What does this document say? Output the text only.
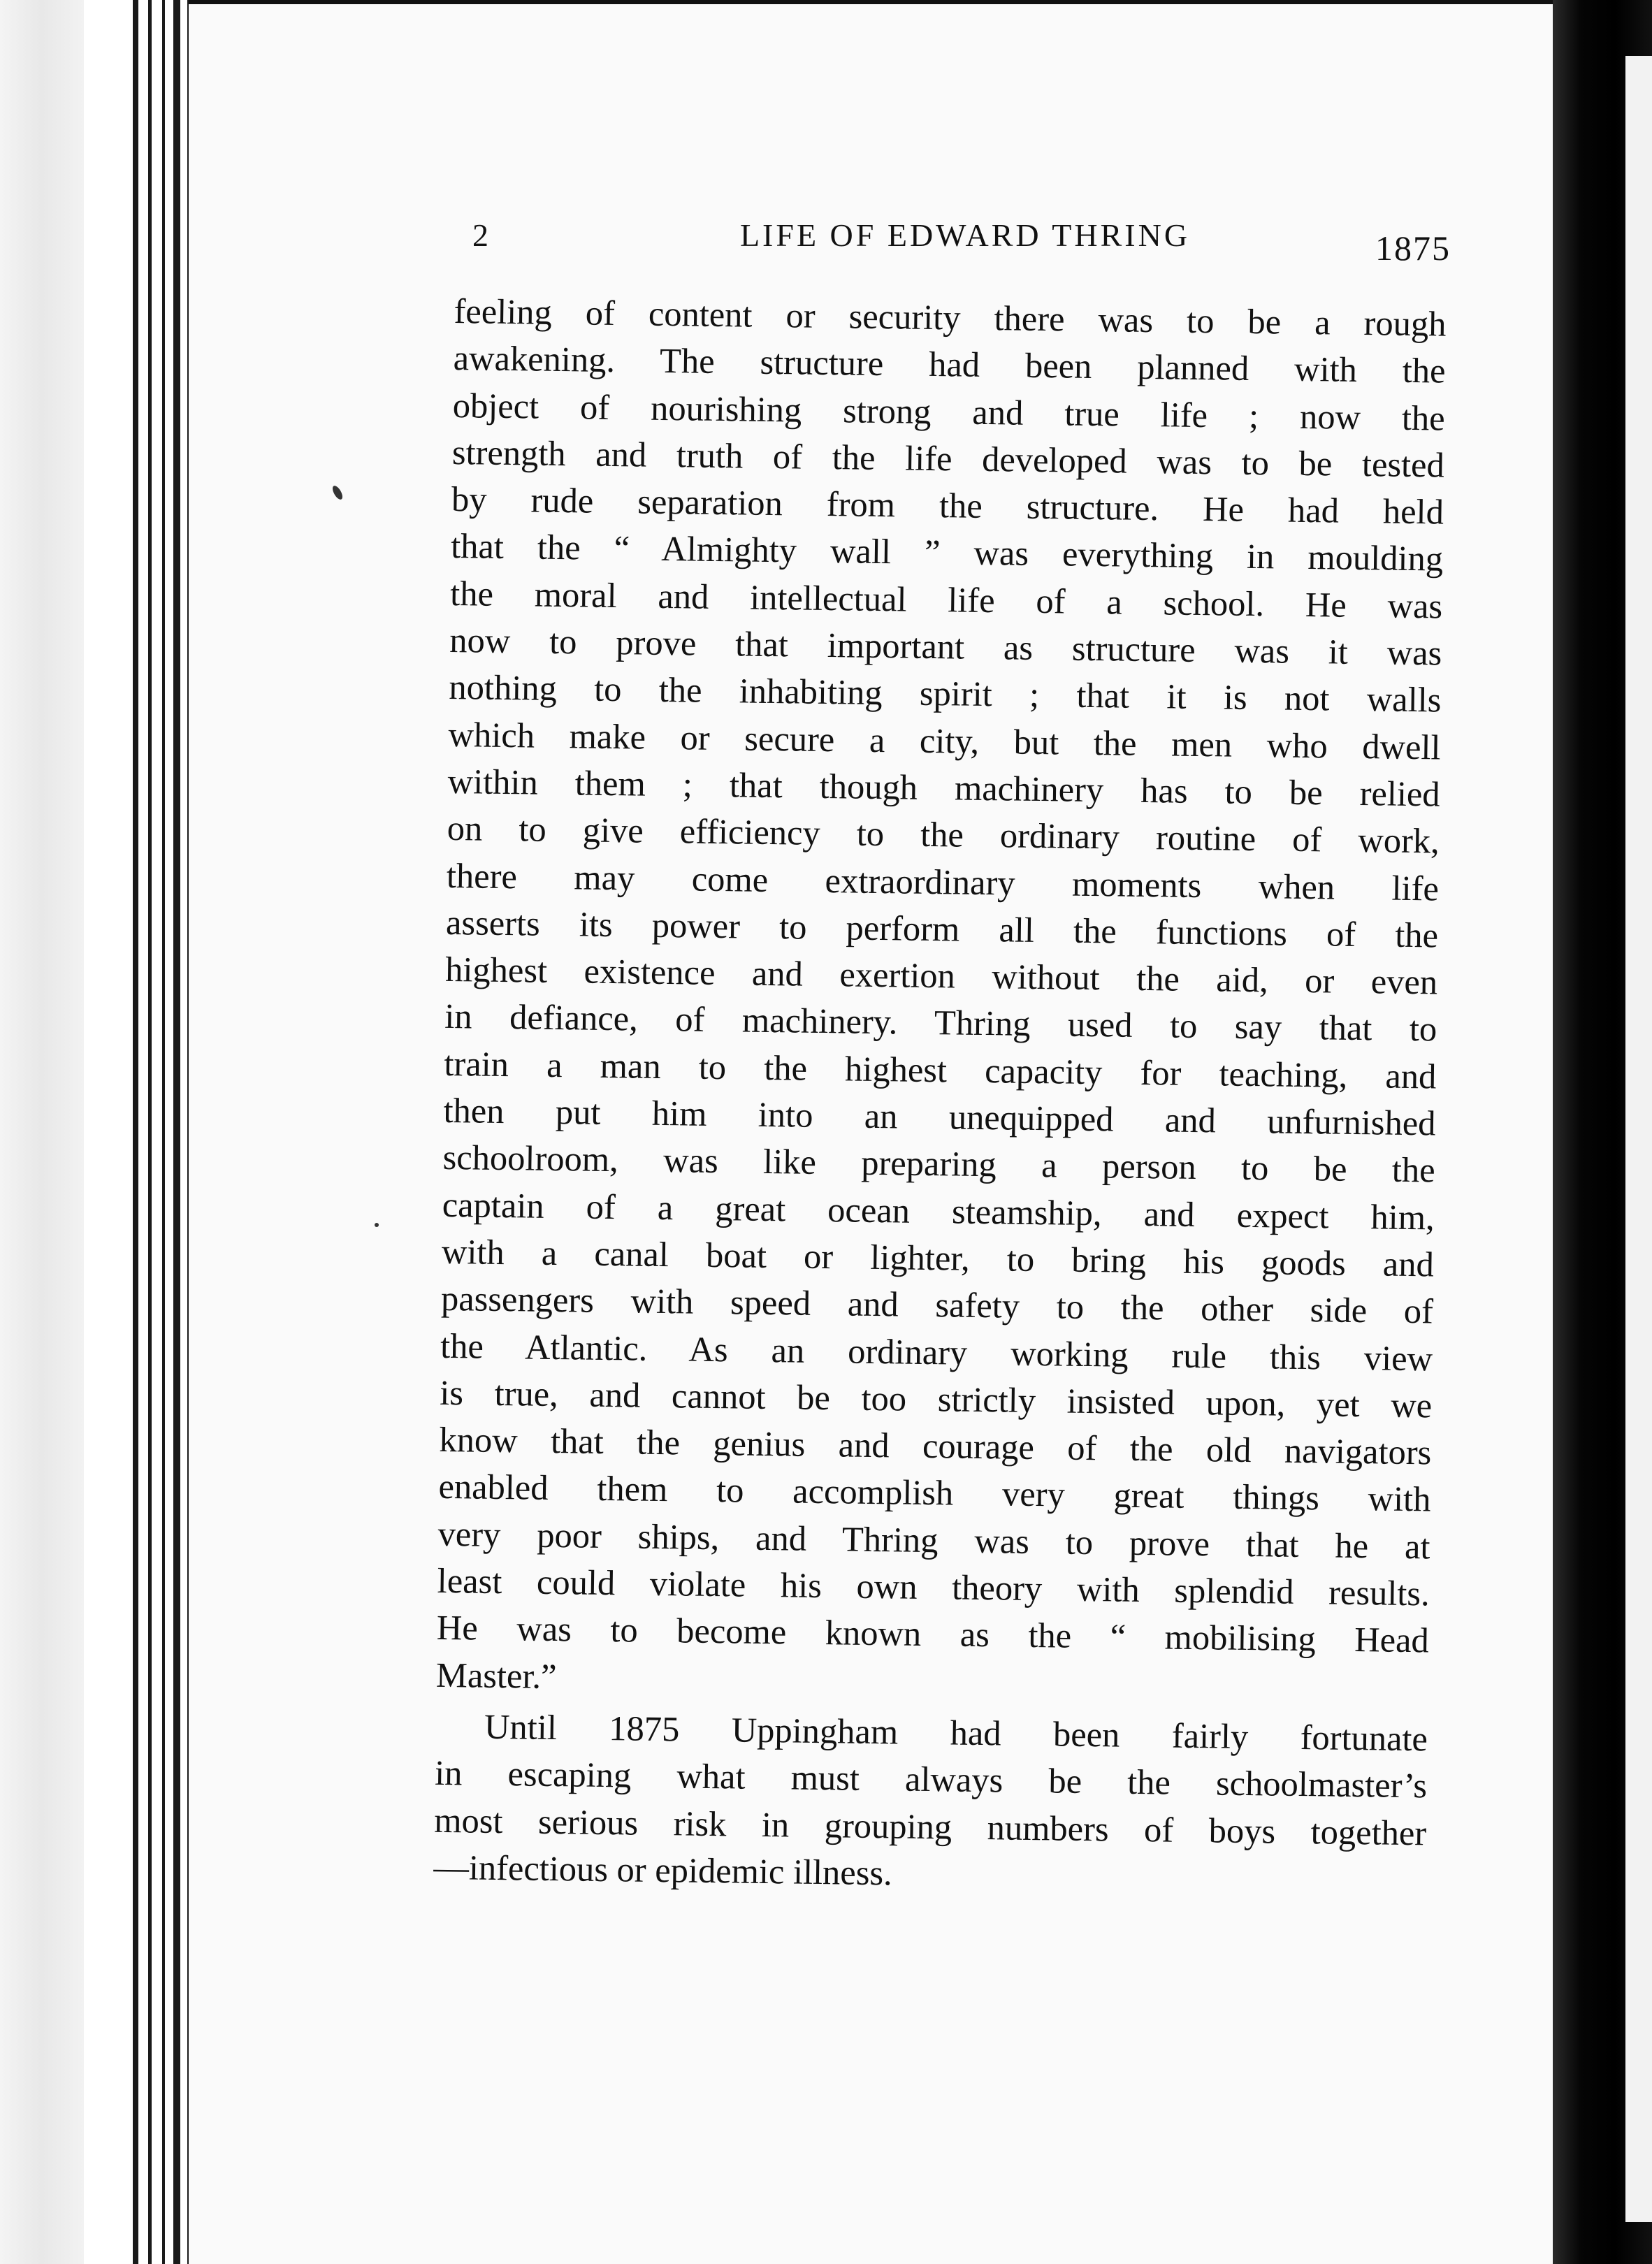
2	LIFE OF EDWARD THRING	1875
feeling of content or security there was to be a rough
awakening. The structure had been planned with the
object of nourishing strong and true life ; now the
strength and truth of the life developed was to be tested
by rude separation from the structure. He had held
that the “ Almighty wall ” was everything in moulding
the moral and intellectual life of a school. He was
now to prove that important as structure was it was
nothing to the inhabiting spirit ; that it is not walls
which make or secure a city, but the men who dwell
within them ; that though machinery has to be relied
on to give efficiency to the ordinary routine of work,
there may come extraordinary moments when life
asserts its power to perform all the functions of the
highest existence and exertion without the aid, or even
in defiance, of machinery. Thring used to say that to
train a man to the highest capacity for teaching, and
then put him into an unequipped and unfurnished
schoolroom, was like preparing a person to be the
captain of a great ocean steamship, and expect him,
with a canal boat or lighter, to bring his goods and
passengers with speed and safety to the other side of
the Atlantic. As an ordinary working rule this view
is true, and cannot be too strictly insisted upon, yet we
know that the genius and courage of the old navigators
enabled them to accomplish very great things with
very poor ships, and Thring was to prove that he at
least could violate his own theory with splendid results.
He was to become known as the “ mobilising Head
Master.”
Until 1875 Uppingham had been fairly fortunate
in escaping what must always be the schoolmaster’s
most serious risk in grouping numbers of boys together
—infectious or epidemic illness.
